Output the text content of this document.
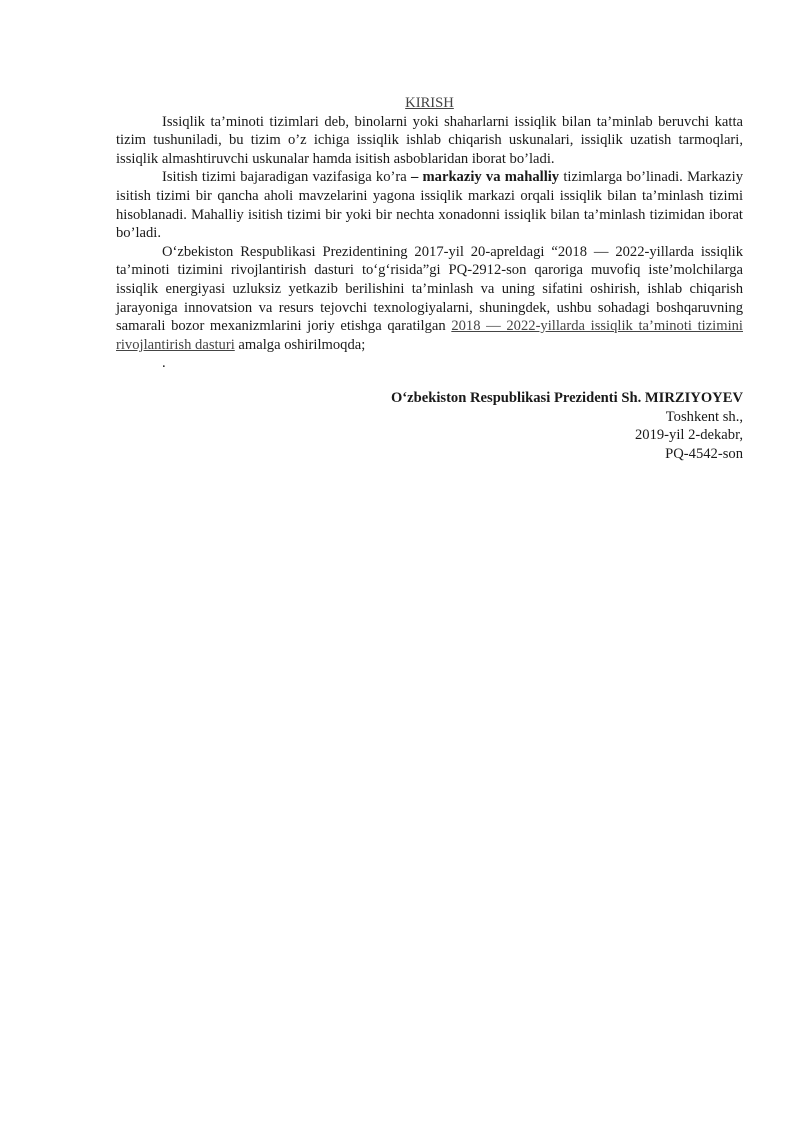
KIRISH

Issiqlik ta’minoti tizimlari deb, binolarni yoki shaharlarni issiqlik bilan ta’minlab beruvchi katta tizim tushuniladi, bu tizim o’z ichiga issiqlik ishlab chiqarish uskunalari, issiqlik uzatish tarmoqlari, issiqlik almashtiruvchi uskunalar hamda isitish asboblaridan iborat bo’ladi.

Isitish tizimi bajaradigan vazifasiga ko’ra – markaziy va mahalliy tizimlarga bo’linadi. Markaziy isitish tizimi bir qancha aholi mavzelarini yagona issiqlik markazi orqali issiqlik bilan ta’minlash tizimi hisoblanadi. Mahalliy isitish tizimi bir yoki bir nechta xonadonni issiqlik bilan ta’minlash tizimidan iborat bo’ladi.

O‘zbekiston Respublikasi Prezidentining 2017-yil 20-apreldagi “2018 — 2022-yillarda issiqlik ta’minoti tizimini rivojlantirish dasturi to‘g‘risida”gi PQ-2912-son qaroriga muvofiq iste’molchilarga issiqlik energiyasi uzluksiz yetkazib berilishini ta’minlash va uning sifatini oshirish, ishlab chiqarish jarayoniga innovatsion va resurs tejovchi texnologiyalarni, shuningdek, ushbu sohadagi boshqaruvning samarali bozor mexanizmlarini joriy etishga qaratilgan 2018 — 2022-yillarda issiqlik ta’minoti tizimini rivojlantirish dasturi amalga oshirilmoqda;

.

O‘zbekiston Respublikasi Prezidenti Sh. MIRZIYOYEV
Toshkent sh.,
2019-yil 2-dekabr,
PQ-4542-son
